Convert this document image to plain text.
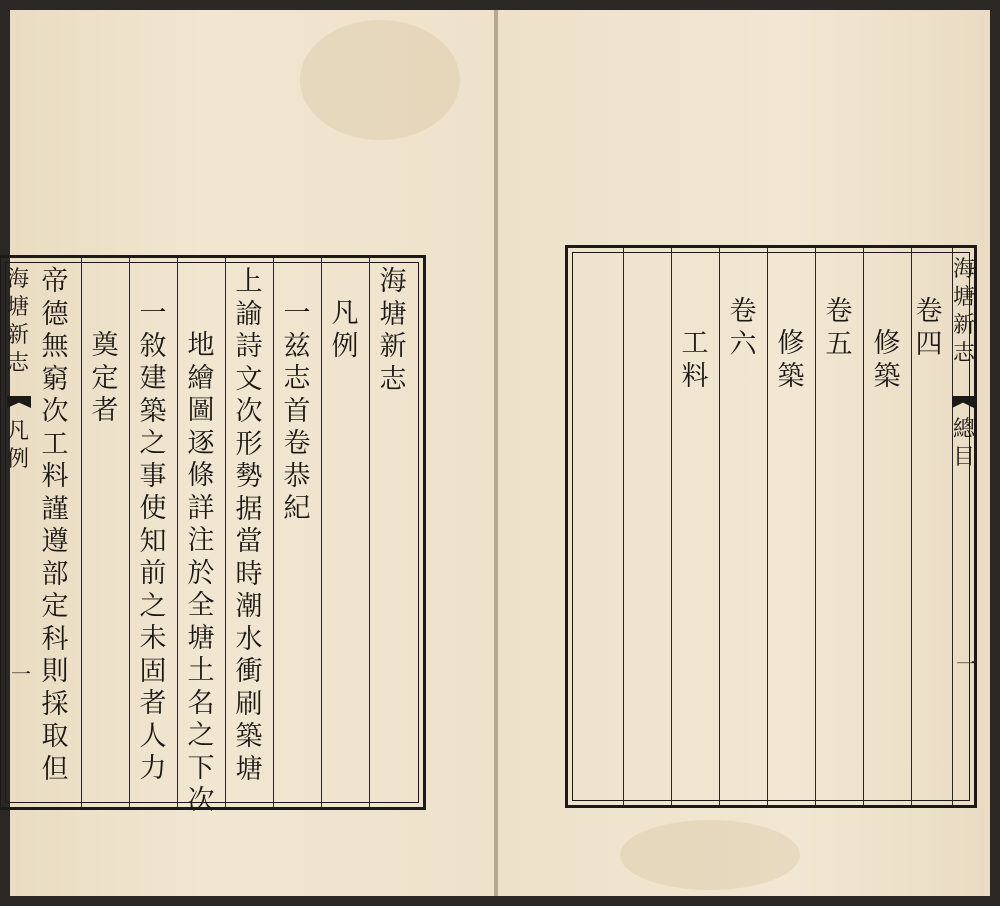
海
塘
新
志
凡
例
一
帝
德
無
窮
次
工
料
謹
遵
部
定
科
則
採
取
但
奠
定
者
一
敘
建
築
之
事
使
知
前
之
未
固
者
人
力
地
繪
圖
逐
條
詳
注
於
全
塘
土
名
之
下
次
上
諭
詩
文
次
形
勢
据
當
時
潮
水
衝
刷
築
塘
一
兹
志
首
卷
恭
紀
凡
例
海
塘
新
志
卷
六
工
料
修
築
卷
五 修
築
卷
四
海
塘
新
志
總
目
一
